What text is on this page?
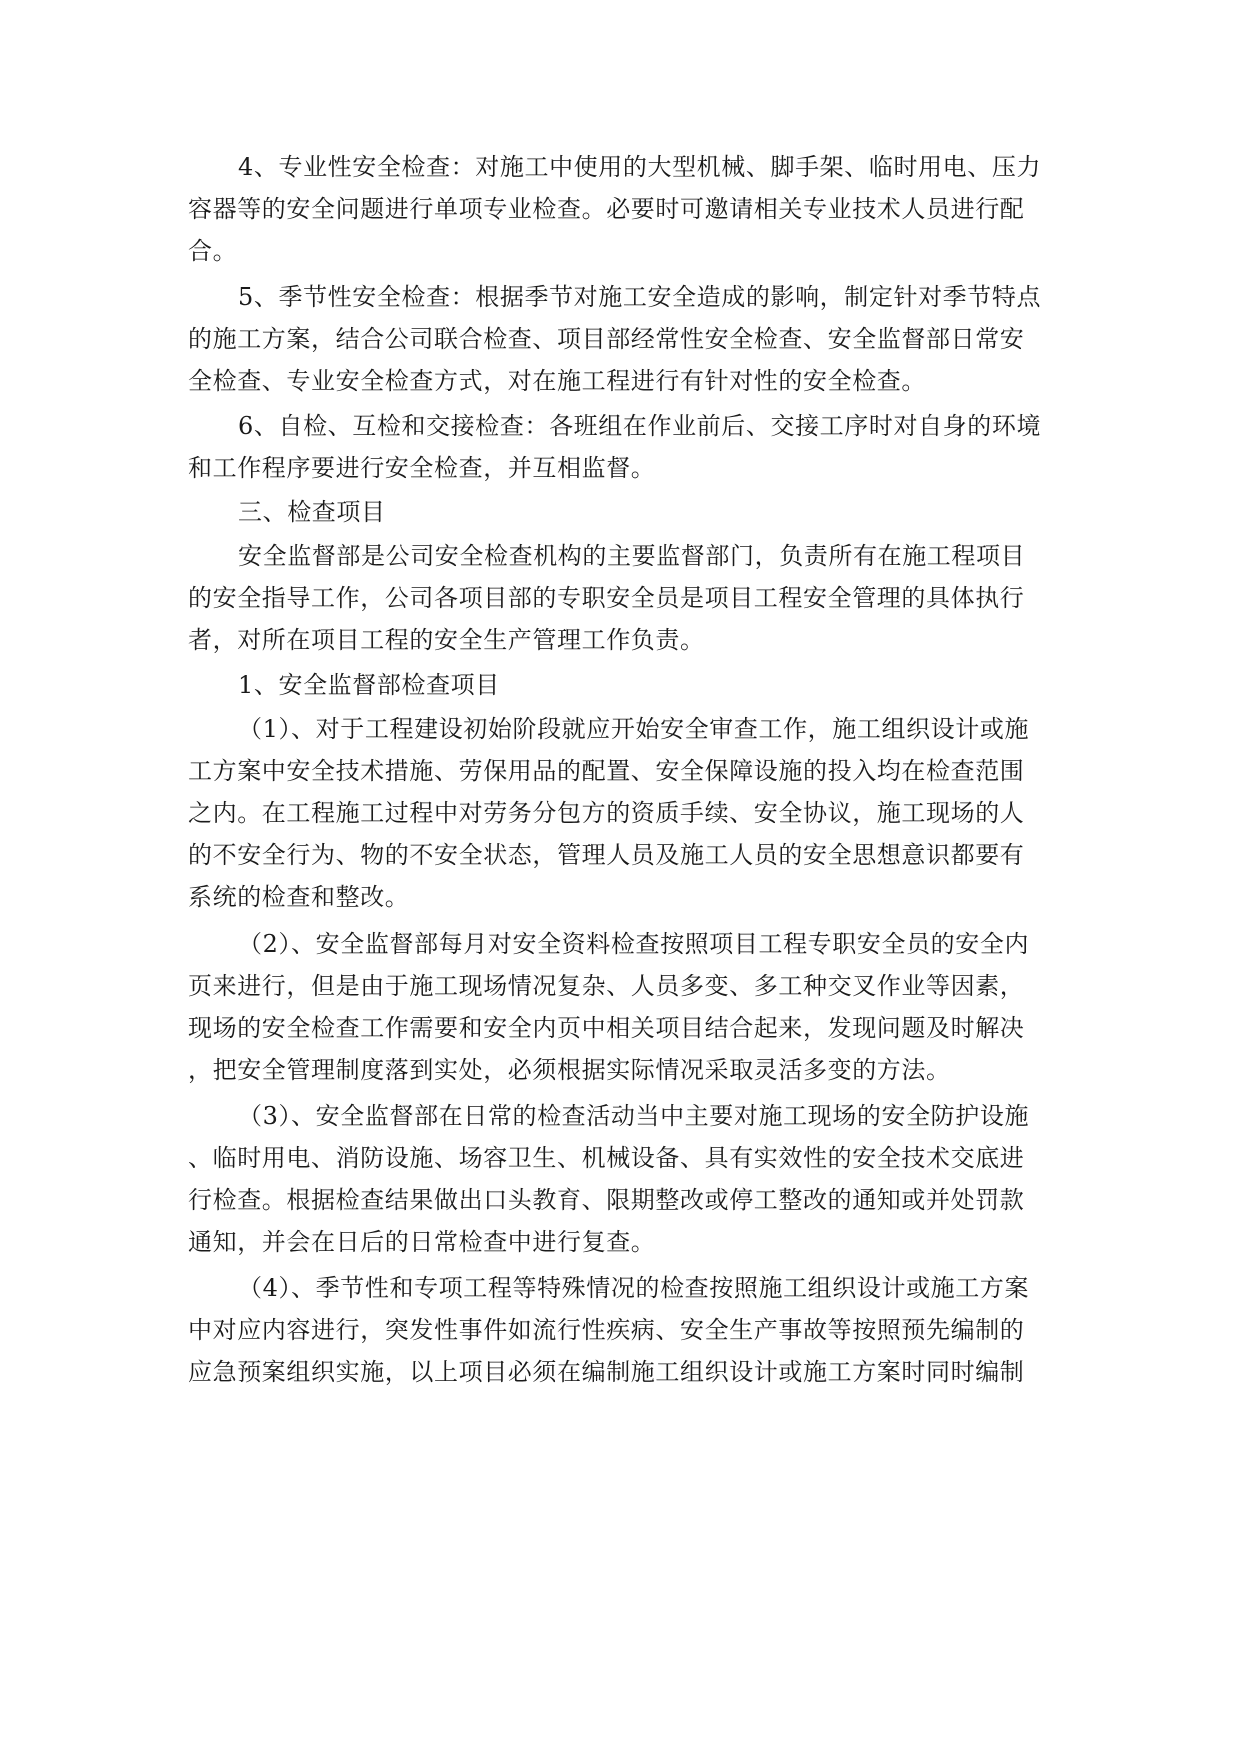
4、专业性安全检查：对施工中使用的大型机械、脚手架、临时用电、压力
容器等的安全问题进行单项专业检查。必要时可邀请相关专业技术人员进行配
合。
5、季节性安全检查：根据季节对施工安全造成的影响，制定针对季节特点
的施工方案，结合公司联合检查、项目部经常性安全检查、安全监督部日常安
全检查、专业安全检查方式，对在施工程进行有针对性的安全检查。
6、自检、互检和交接检查：各班组在作业前后、交接工序时对自身的环境
和工作程序要进行安全检查，并互相监督。
三、检查项目
安全监督部是公司安全检查机构的主要监督部门，负责所有在施工程项目
的安全指导工作，公司各项目部的专职安全员是项目工程安全管理的具体执行
者，对所在项目工程的安全生产管理工作负责。
1、安全监督部检查项目
（1）、对于工程建设初始阶段就应开始安全审查工作，施工组织设计或施
工方案中安全技术措施、劳保用品的配置、安全保障设施的投入均在检查范围
之内。在工程施工过程中对劳务分包方的资质手续、安全协议，施工现场的人
的不安全行为、物的不安全状态，管理人员及施工人员的安全思想意识都要有
系统的检查和整改。
（2）、安全监督部每月对安全资料检查按照项目工程专职安全员的安全内
页来进行，但是由于施工现场情况复杂、人员多变、多工种交叉作业等因素，
现场的安全检查工作需要和安全内页中相关项目结合起来，发现问题及时解决
，把安全管理制度落到实处，必须根据实际情况采取灵活多变的方法。
（3）、安全监督部在日常的检查活动当中主要对施工现场的安全防护设施
、临时用电、消防设施、场容卫生、机械设备、具有实效性的安全技术交底进
行检查。根据检查结果做出口头教育、限期整改或停工整改的通知或并处罚款
通知，并会在日后的日常检查中进行复查。
（4）、季节性和专项工程等特殊情况的检查按照施工组织设计或施工方案
中对应内容进行，突发性事件如流行性疾病、安全生产事故等按照预先编制的
应急预案组织实施，以上项目必须在编制施工组织设计或施工方案时同时编制
